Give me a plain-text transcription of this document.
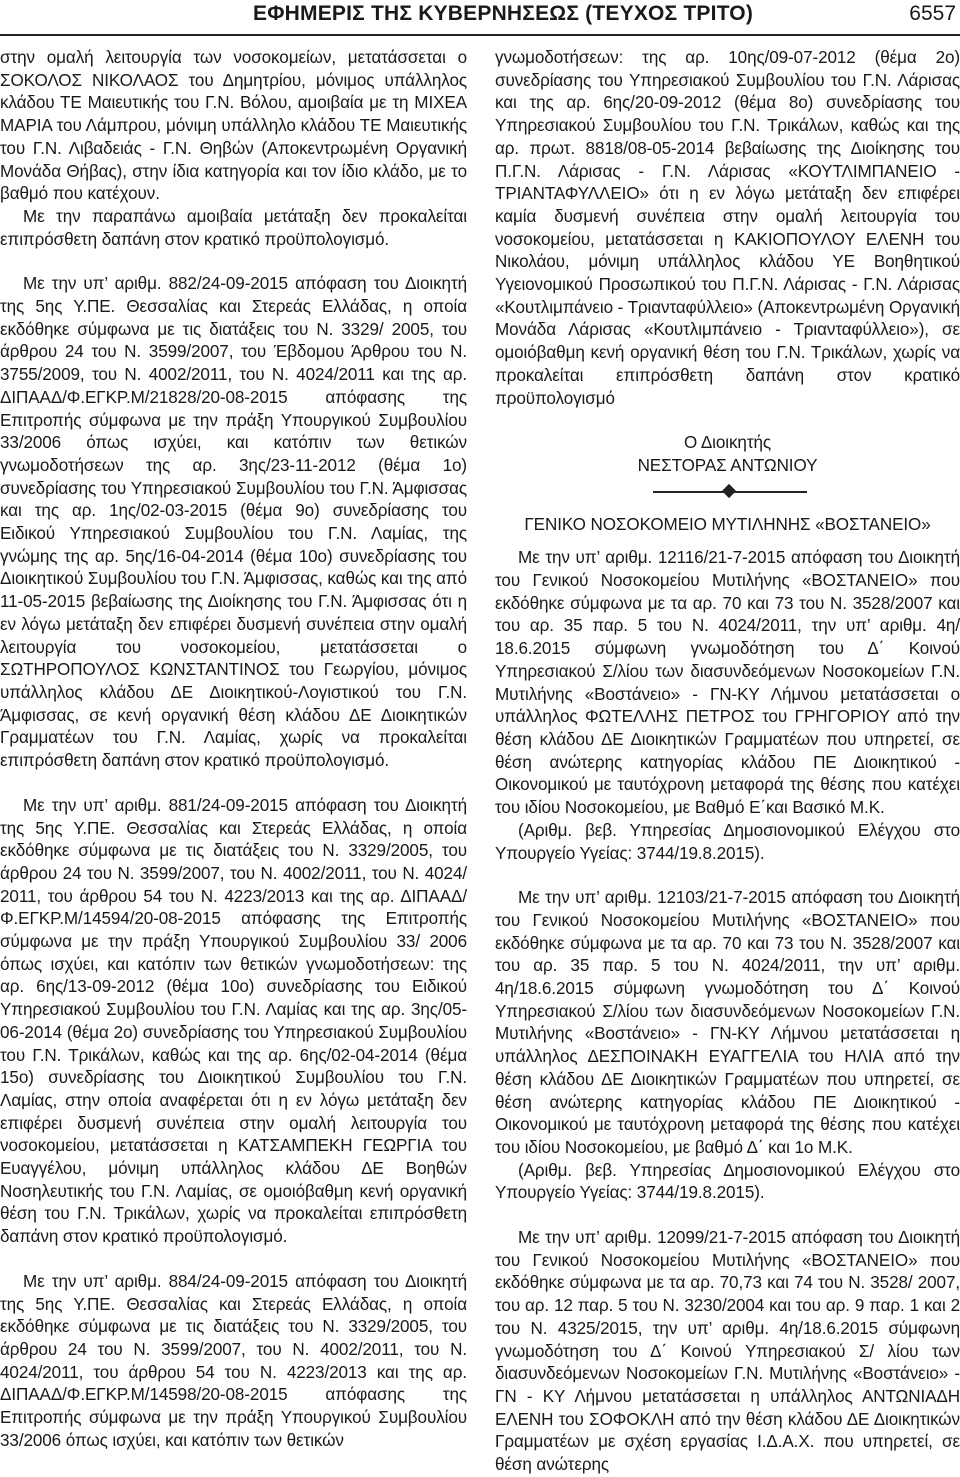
ΕΦΗΜΕΡΙΣ ΤΗΣ ΚΥΒΕΡΝΗΣΕΩΣ (ΤΕΥΧΟΣ ΤΡΙΤΟ)	6557

στην ομαλή λειτουργία των νοσοκομείων, μετατάσσεται ο ΣΟΚΟΛΟΣ ΝΙΚΟΛΑΟΣ του Δημητρίου, μόνιμος υπάλληλος κλάδου ΤΕ Μαιευτικής του Γ.Ν. Βόλου, αμοιβαία με τη ΜΙΧΕΑ ΜΑΡΙΑ του Λάμπρου, μόνιμη υπάλληλο κλάδου ΤΕ Μαιευτικής του Γ.Ν. Λιβαδειάς - Γ.Ν. Θηβών (Αποκεντρωμένη Οργανική Μονάδα Θήβας), στην ίδια κατηγορία και τον ίδιο κλάδο, με το βαθμό που κατέχουν.

Με την παραπάνω αμοιβαία μετάταξη δεν προκαλείται επιπρόσθετη δαπάνη στον κρατικό προϋπολογισμό.

Με την υπ’ αριθμ. 882/24-09-2015 απόφαση του Διοικητή της 5ης Υ.ΠΕ. Θεσσαλίας και Στερεάς Ελλάδας, η οποία εκδόθηκε σύμφωνα με τις διατάξεις του Ν. 3329/ 2005, του άρθρου 24 του Ν. 3599/2007, του Έβδομου Άρθρου του Ν. 3755/2009, του Ν. 4002/2011, του Ν. 4024/2011 και της αρ. ΔΙΠΑΑΔ/Φ.ΕΓΚΡ.Μ/21828/20-08-2015 απόφασης της Επιτροπής σύμφωνα με την πράξη Υπουργικού Συμβουλίου 33/2006 όπως ισχύει, και κατόπιν των θετικών γνωμοδοτήσεων της αρ. 3ης/23-11-2012 (θέμα 1ο) συνεδρίασης του Υπηρεσιακού Συμβουλίου του Γ.Ν. Άμφισσας και της αρ. 1ης/02-03-2015 (θέμα 9ο) συνεδρίασης του Ειδικού Υπηρεσιακού Συμβουλίου του Γ.Ν. Λαμίας, της γνώμης της αρ. 5ης/16-04-2014 (θέμα 10ο) συνεδρίασης του Διοικητικού Συμβουλίου του Γ.Ν. Άμφισσας, καθώς και της από 11-05-2015 βεβαίωσης της Διοίκησης του Γ.Ν. Άμφισσας ότι η εν λόγω μετάταξη δεν επιφέρει δυσμενή συνέπεια στην ομαλή λειτουργία του νοσοκομείου, μετατάσσεται ο ΣΩΤΗΡΟΠΟΥΛΟΣ ΚΩΝΣΤΑΝΤΙΝΟΣ του Γεωργίου, μόνιμος υπάλληλος κλάδου ΔΕ Διοικητικού-Λογιστικού του Γ.Ν. Άμφισσας, σε κενή οργανική θέση κλάδου ΔΕ Διοικητικών Γραμματέων του Γ.Ν. Λαμίας, χωρίς να προκαλείται επιπρόσθετη δαπάνη στον κρατικό προϋπολογισμό.

Με την υπ’ αριθμ. 881/24-09-2015 απόφαση του Διοικητή της 5ης Υ.ΠΕ. Θεσσαλίας και Στερεάς Ελλάδας, η οποία εκδόθηκε σύμφωνα με τις διατάξεις του Ν. 3329/2005, του άρθρου 24 του Ν. 3599/2007, του Ν. 4002/2011, του Ν. 4024/ 2011, του άρθρου 54 του Ν. 4223/2013 και της αρ. ΔΙΠΑΑΔ/Φ.ΕΓΚΡ.Μ/14594/20-08-2015 απόφασης της Επιτροπής σύμφωνα με την πράξη Υπουργικού Συμβουλίου 33/ 2006 όπως ισχύει, και κατόπιν των θετικών γνωμοδοτήσεων: της αρ. 6ης/13-09-2012 (θέμα 10ο) συνεδρίασης του Ειδικού Υπηρεσιακού Συμβουλίου του Γ.Ν. Λαμίας και της αρ. 3ης/05-06-2014 (θέμα 2ο) συνεδρίασης του Υπηρεσιακού Συμβουλίου του Γ.Ν. Τρικάλων, καθώς και της αρ. 6ης/02-04-2014 (θέμα 15ο) συνεδρίασης του Διοικητικού Συμβουλίου του Γ.Ν. Λαμίας, στην οποία αναφέρεται ότι η εν λόγω μετάταξη δεν επιφέρει δυσμενή συνέπεια στην ομαλή λειτουργία του νοσοκομείου, μετατάσσεται η ΚΑΤΣΑΜΠΕΚΗ ΓΕΩΡΓΙΑ του Ευαγγέλου, μόνιμη υπάλληλος κλάδου ΔΕ Βοηθών Νοσηλευτικής του Γ.Ν. Λαμίας, σε ομοιόβαθμη κενή οργανική θέση του Γ.Ν. Τρικάλων, χωρίς να προκαλείται επιπρόσθετη δαπάνη στον κρατικό προϋπολογισμό.

Με την υπ’ αριθμ. 884/24-09-2015 απόφαση του Διοικητή της 5ης Υ.ΠΕ. Θεσσαλίας και Στερεάς Ελλάδας, η οποία εκδόθηκε σύμφωνα με τις διατάξεις του Ν. 3329/2005, του άρθρου 24 του Ν. 3599/2007, του Ν. 4002/2011, του Ν. 4024/2011, του άρθρου 54 του Ν. 4223/2013 και της αρ. ΔΙΠΑΑΔ/Φ.ΕΓΚΡ.Μ/14598/20-08-2015 απόφασης της Επιτροπής σύμφωνα με την πράξη Υπουργικού Συμβουλίου 33/2006 όπως ισχύει, και κατόπιν των θετικών

γνωμοδοτήσεων: της αρ. 10ης/09-07-2012 (θέμα 2ο) συνεδρίασης του Υπηρεσιακού Συμβουλίου του Γ.Ν. Λάρισας και της αρ. 6ης/20-09-2012 (θέμα 8ο) συνεδρίασης του Υπηρεσιακού Συμβουλίου του Γ.Ν. Τρικάλων, καθώς και της αρ. πρωτ. 8818/08-05-2014 βεβαίωσης της Διοίκησης του Π.Γ.Ν. Λάρισας - Γ.Ν. Λάρισας «ΚΟΥΤΛΙΜΠΑΝΕΙΟ - ΤΡΙΑΝΤΑΦΥΛΛΕΙΟ» ότι η εν λόγω μετάταξη δεν επιφέρει καμία δυσμενή συνέπεια στην ομαλή λειτουργία του νοσοκομείου, μετατάσσεται η ΚΑΚΙΟΠΟΥΛΟΥ ΕΛΕΝΗ του Νικολάου, μόνιμη υπάλληλος κλάδου ΥΕ Βοηθητικού Υγειονομικού Προσωπικού του Π.Γ.Ν. Λάρισας - Γ.Ν. Λάρισας «Κουτλιμπάνειο - Τριανταφύλλειο» (Αποκεντρωμένη Οργανική Μονάδα Λάρισας «Κουτλιμπάνειο - Τριανταφύλλειο»), σε ομοιόβαθμη κενή οργανική θέση του Γ.Ν. Τρικάλων, χωρίς να προκαλείται επιπρόσθετη δαπάνη στον κρατικό προϋπολογισμό

Ο Διοικητής

ΝΕΣΤΟΡΑΣ ΑΝΤΩΝΙΟΥ

ΓΕΝΙΚΟ ΝΟΣΟΚΟΜΕΙΟ ΜΥΤΙΛΗΝΗΣ «ΒΟΣΤΑΝΕΙΟ»

Με την υπ’ αριθμ. 12116/21-7-2015 απόφαση του Διοικητή του Γενικού Νοσοκομείου Μυτιλήνης «ΒΟΣΤΑΝΕΙΟ» που εκδόθηκε σύμφωνα με τα αρ. 70 και 73 του Ν. 3528/2007 και του αρ. 35 παρ. 5 του Ν. 4024/2011, την υπ’ αριθμ. 4η/ 18.6.2015 σύμφωνη γνωμοδότηση του Δ΄ Κοινού Υπηρεσιακού Σ/λίου των διασυνδεόμενων Νοσοκομείων Γ.Ν. Μυτιλήνης «Βοστάνειο» - ΓΝ-ΚΥ Λήμνου μετατάσσεται ο υπάλληλος ΦΩΤΕΛΛΗΣ ΠΕΤΡΟΣ του ΓΡΗΓΟΡΙΟΥ από την θέση κλάδου ΔΕ Διοικητικών Γραμματέων που υπηρετεί, σε θέση ανώτερης κατηγορίας κλάδου ΠΕ Διοικητικού - Οικονομικού με ταυτόχρονη μεταφορά της θέσης που κατέχει του ιδίου Νοσοκομείου, με Βαθμό Ε΄και Βασικό Μ.Κ.

(Αριθμ. βεβ. Υπηρεσίας Δημοσιονομικού Ελέγχου στο Υπουργείο Υγείας: 3744/19.8.2015).

Με την υπ’ αριθμ. 12103/21-7-2015 απόφαση του Διοικητή του Γενικού Νοσοκομείου Μυτιλήνης «ΒΟΣΤΑΝΕΙΟ» που εκδόθηκε σύμφωνα με τα αρ. 70 και 73 του Ν. 3528/2007 και του αρ. 35 παρ. 5 του Ν. 4024/2011, την υπ’ αριθμ. 4η/18.6.2015 σύμφωνη γνωμοδότηση του Δ΄ Κοινού Υπηρεσιακού Σ/λίου των διασυνδεόμενων Νοσοκομείων Γ.Ν. Μυτιλήνης «Βοστάνειο» - ΓΝ-ΚΥ Λήμνου μετατάσσεται η υπάλληλος ΔΕΣΠΟΙΝΑΚΗ ΕΥΑΓΓΕΛΙΑ του ΗΛΙΑ από την θέση κλάδου ΔΕ Διοικητικών Γραμματέων που υπηρετεί, σε θέση ανώτερης κατηγορίας κλάδου ΠΕ Διοικητικού - Οικονομικού με ταυτόχρονη μεταφορά της θέσης που κατέχει του ιδίου Νοσοκομείου, με βαθμό Δ΄ και 1ο Μ.Κ.

(Αριθμ. βεβ. Υπηρεσίας Δημοσιονομικού Ελέγχου στο Υπουργείο Υγείας: 3744/19.8.2015).

Με την υπ’ αριθμ. 12099/21-7-2015 απόφαση του Διοικητή του Γενικού Νοσοκομείου Μυτιλήνης «ΒΟΣΤΑΝΕΙΟ» που εκδόθηκε σύμφωνα με τα αρ. 70,73 και 74 του Ν. 3528/ 2007, του αρ. 12 παρ. 5 του Ν. 3230/2004 και του αρ. 9 παρ. 1 και 2 του Ν. 4325/2015, την υπ’ αριθμ. 4η/18.6.2015 σύμφωνη γνωμοδότηση του Δ΄ Κοινού Υπηρεσιακού Σ/ λίου των διασυνδεόμενων Νοσοκομείων Γ.Ν. Μυτιλήνης «Βοστάνειο» - ΓΝ - ΚΥ Λήμνου μετατάσσεται η υπάλληλος ΑΝΤΩΝΙΑΔΗ ΕΛΕΝΗ του ΣΟΦΟΚΛΗ από την θέση κλάδου ΔΕ Διοικητικών Γραμματέων με σχέση εργασίας Ι.Δ.Α.Χ. που υπηρετεί, σε θέση ανώτερης
